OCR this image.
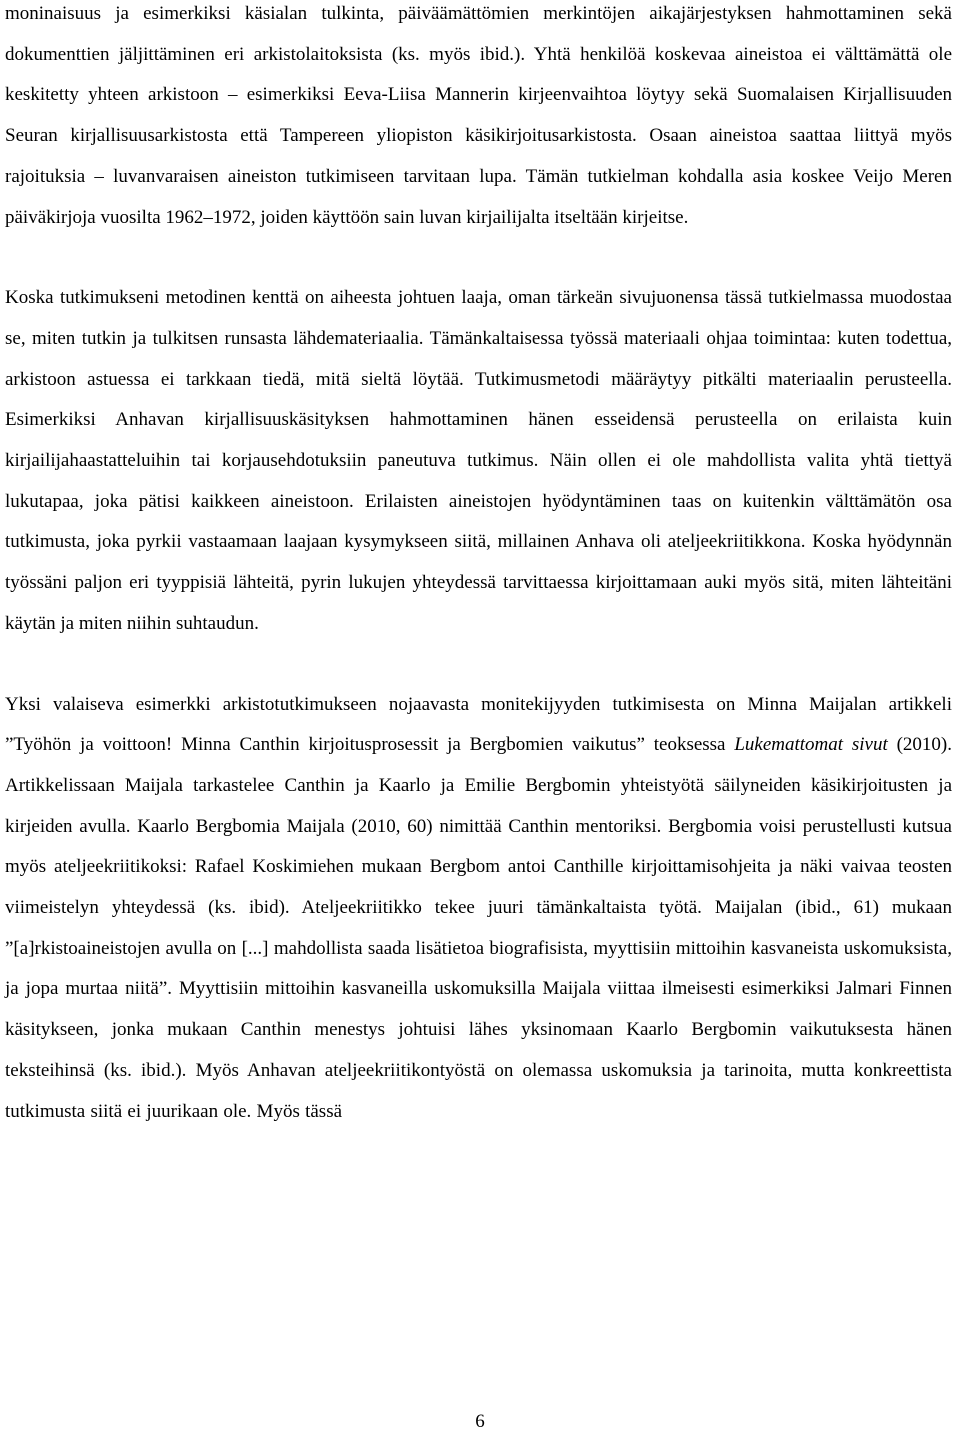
moninaisuus ja esimerkiksi käsialan tulkinta, päiväämättömien merkintöjen aikajärjestyksen hahmottaminen sekä dokumenttien jäljittäminen eri arkistolaitoksista (ks. myös ibid.). Yhtä henkilöä koskevaa aineistoa ei välttämättä ole keskitetty yhteen arkistoon – esimerkiksi Eeva-Liisa Mannerin kirjeenvaihtoa löytyy sekä Suomalaisen Kirjallisuuden Seuran kirjallisuusarkistosta että Tampereen yliopiston käsikirjoitusarkistosta. Osaan aineistoa saattaa liittyä myös rajoituksia – luvanvaraisen aineiston tutkimiseen tarvitaan lupa. Tämän tutkielman kohdalla asia koskee Veijo Meren päiväkirjoja vuosilta 1962–1972, joiden käyttöön sain luvan kirjailijalta itseltään kirjeitse.

Koska tutkimukseni metodinen kenttä on aiheesta johtuen laaja, oman tärkeän sivujuonensa tässä tutkielmassa muodostaa se, miten tutkin ja tulkitsen runsasta lähdemateriaalia. Tämänkaltaisessa työssä materiaali ohjaa toimintaa: kuten todettua, arkistoon astuessa ei tarkkaan tiedä, mitä sieltä löytää. Tutkimusmetodi määräytyy pitkälti materiaalin perusteella. Esimerkiksi Anhavan kirjallisuuskäsityksen hahmottaminen hänen esseidensä perusteella on erilaista kuin kirjailijahaastatteluihin tai korjausehdotuksiin paneutuva tutkimus. Näin ollen ei ole mahdollista valita yhtä tiettyä lukutapaa, joka pätisi kaikkeen aineistoon. Erilaisten aineistojen hyödyntäminen taas on kuitenkin välttämätön osa tutkimusta, joka pyrkii vastaamaan laajaan kysymykseen siitä, millainen Anhava oli ateljeekriitikkona. Koska hyödynnän työssäni paljon eri tyyppisiä lähteitä, pyrin lukujen yhteydessä tarvittaessa kirjoittamaan auki myös sitä, miten lähteitäni käytän ja miten niihin suhtaudun.

Yksi valaiseva esimerkki arkistotutkimukseen nojaavasta monitekijyyden tutkimisesta on Minna Maijalan artikkeli ”Työhön ja voittoon! Minna Canthin kirjoitusprosessit ja Bergbomien vaikutus” teoksessa Lukemattomat sivut (2010). Artikkelissaan Maijala tarkastelee Canthin ja Kaarlo ja Emilie Bergbomin yhteistyötä säilyneiden käsikirjoitusten ja kirjeiden avulla. Kaarlo Bergbomia Maijala (2010, 60) nimittää Canthin mentoriksi. Bergbomia voisi perustellusti kutsua myös ateljeekriitikoksi: Rafael Koskimiehen mukaan Bergbom antoi Canthille kirjoittamisohjeita ja näki vaivaa teosten viimeistelyn yhteydessä (ks. ibid). Ateljeekriitikko tekee juuri tämänkaltaista työtä. Maijalan (ibid., 61) mukaan ”[a]rkistoaineistojen avulla on [...] mahdollista saada lisätietoa biografisista, myyttisiin mittoihin kasvaneista uskomuksista, ja jopa murtaa niitä”. Myyttisiin mittoihin kasvaneilla uskomuksilla Maijala viittaa ilmeisesti esimerkiksi Jalmari Finnen käsitykseen, jonka mukaan Canthin menestys johtuisi lähes yksinomaan Kaarlo Bergbomin vaikutuksesta hänen teksteihinsä (ks. ibid.). Myös Anhavan ateljeekriitikontyöstä on olemassa uskomuksia ja tarinoita, mutta konkreettista tutkimusta siitä ei juurikaan ole. Myös tässä

6
